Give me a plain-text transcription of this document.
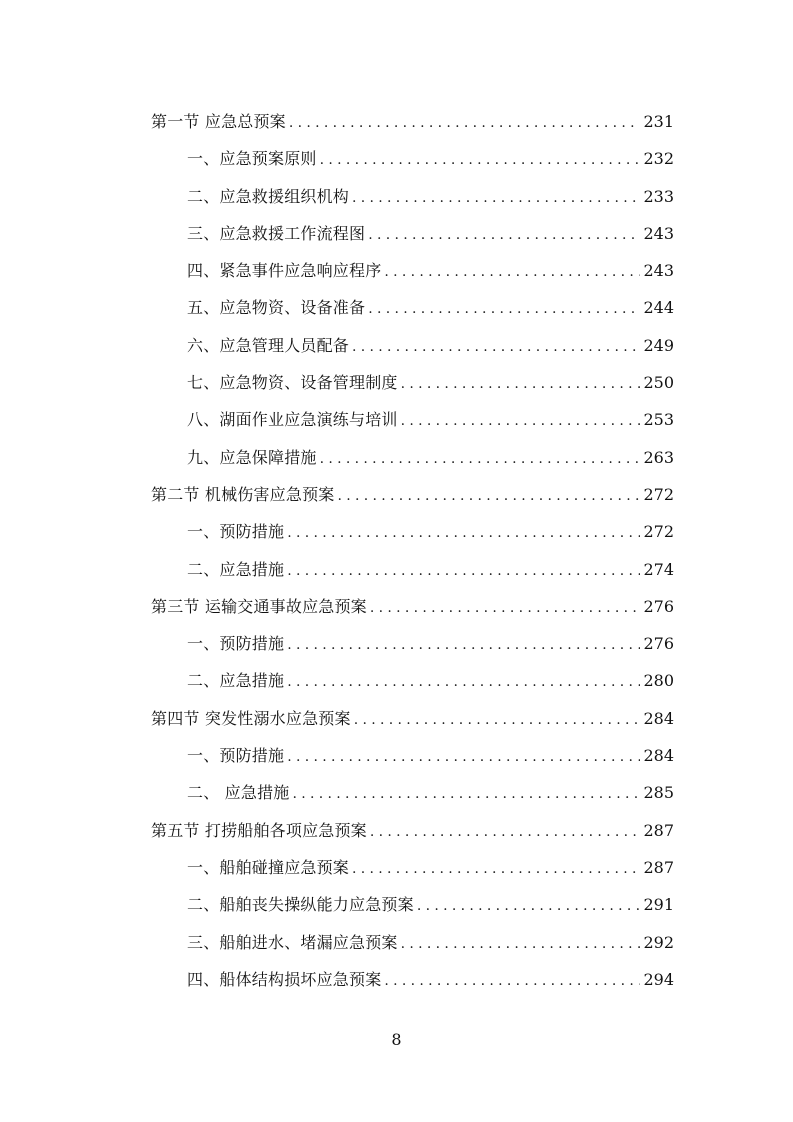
第一节 应急总预案 .....	231
一、应急预案原则 .....	232
二、应急救援组织机构 .....	233
三、应急救援工作流程图 .....	243
四、紧急事件应急响应程序 .....	243
五、应急物资、设备准备 .....	244
六、应急管理人员配备 .....	249
七、应急物资、设备管理制度 .....	250
八、湖面作业应急演练与培训 .....	253
九、应急保障措施 .....	263
第二节 机械伤害应急预案 .....	272
一、预防措施 .....	272
二、应急措施 .....	274
第三节 运输交通事故应急预案 .....	276
一、预防措施 .....	276
二、应急措施 .....	280
第四节 突发性溺水应急预案 .....	284
一、预防措施 .....	284
二、 应急措施 .....	285
第五节 打捞船舶各项应急预案 .....	287
一、船舶碰撞应急预案 .....	287
二、船舶丧失操纵能力应急预案 .....	291
三、船舶进水、堵漏应急预案 .....	292
四、船体结构损坏应急预案 .....	294
8
